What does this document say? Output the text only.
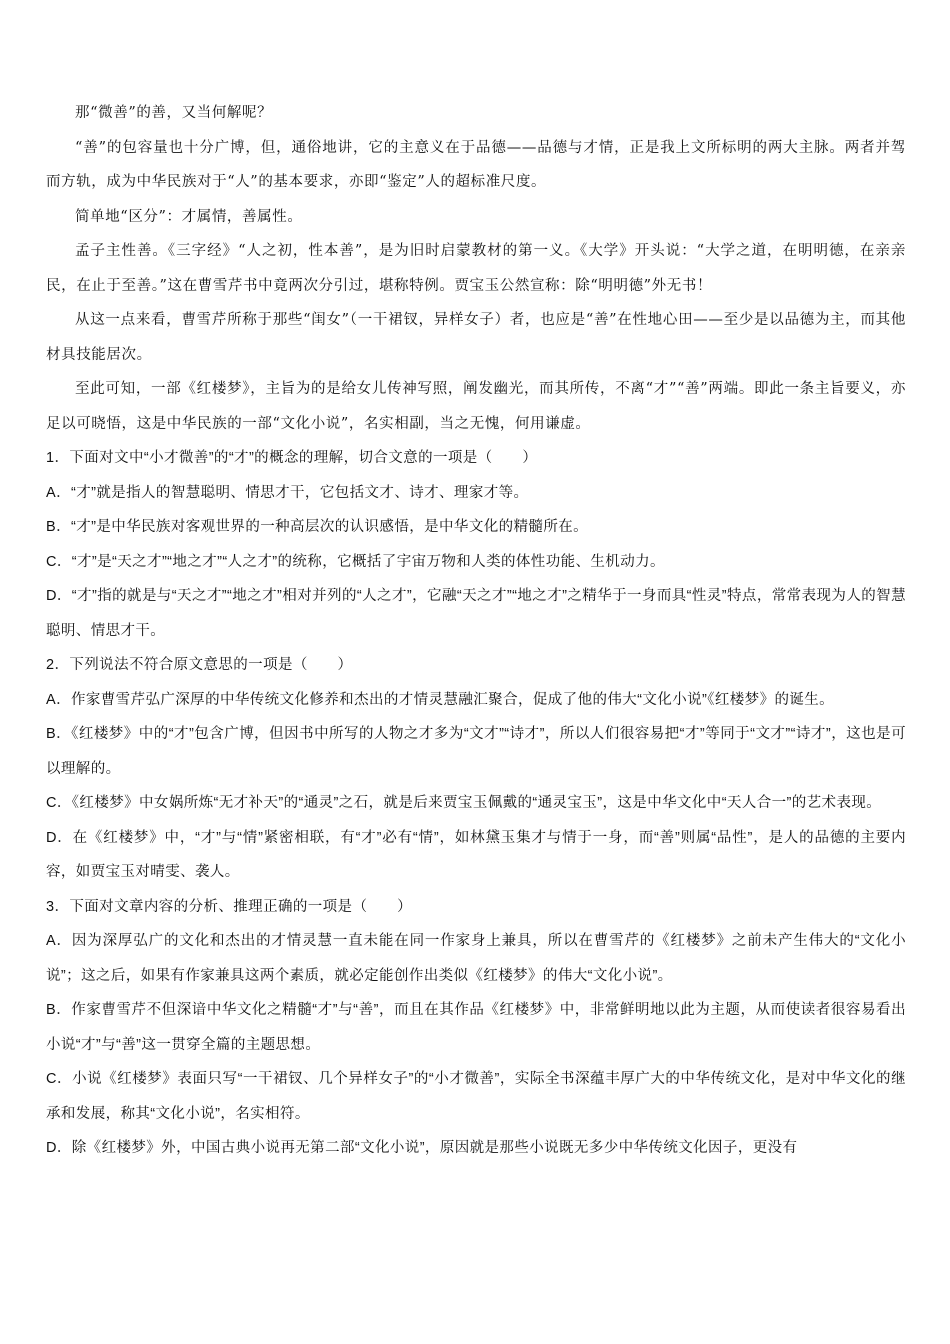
那“微善”的善，又当何解呢？

“善”的包容量也十分广博，但，通俗地讲，它的主意义在于品德——品德与才情，正是我上文所标明的两大主脉。两者并驾而方轨，成为中华民族对于“人”的基本要求，亦即“鉴定”人的超标准尺度。

简单地“区分”：才属情，善属性。

孟子主性善。《三字经》“人之初，性本善”，是为旧时启蒙教材的第一义。《大学》开头说：“大学之道，在明明德，在亲亲民，在止于至善。”这在曹雪芹书中竟两次分引过，堪称特例。贾宝玉公然宣称：除“明明德”外无书！

从这一点来看，曹雪芹所称于那些“闺女”（一干裙钗，异样女子）者，也应是“善”在性地心田——至少是以品德为主，而其他材具技能居次。

至此可知，一部《红楼梦》，主旨为的是给女儿传神写照，阐发幽光，而其所传，不离“才”“善”两端。即此一条主旨要义，亦足以可晓悟，这是中华民族的一部“文化小说”，名实相副，当之无愧，何用谦虚。

1．下面对文中“小才微善”的“才”的概念的理解，切合文意的一项是（　　）

A．“才”就是指人的智慧聪明、情思才干，它包括文才、诗才、理家才等。

B．“才”是中华民族对客观世界的一种高层次的认识感悟，是中华文化的精髓所在。

C．“才”是“天之才”“地之才”“人之才”的统称，它概括了宇宙万物和人类的体性功能、生机动力。

D．“才”指的就是与“天之才”“地之才”相对并列的“人之才”，它融“天之才”“地之才”之精华于一身而具“性灵”特点，常常表现为人的智慧聪明、情思才干。

2．下列说法不符合原文意思的一项是（　　）

A．作家曹雪芹弘广深厚的中华传统文化修养和杰出的才情灵慧融汇聚合，促成了他的伟大“文化小说”《红楼梦》的诞生。

B．《红楼梦》中的“才”包含广博，但因书中所写的人物之才多为“文才”“诗才”，所以人们很容易把“才”等同于“文才”“诗才”，这也是可以理解的。

C．《红楼梦》中女娲所炼“无才补天”的“通灵”之石，就是后来贾宝玉佩戴的“通灵宝玉”，这是中华文化中“天人合一”的艺术表现。

D．在《红楼梦》中，“才”与“情”紧密相联，有“才”必有“情”，如林黛玉集才与情于一身，而“善”则属“品性”，是人的品德的主要内容，如贾宝玉对晴雯、袭人。

3．下面对文章内容的分析、推理正确的一项是（　　）

A．因为深厚弘广的文化和杰出的才情灵慧一直未能在同一作家身上兼具，所以在曹雪芹的《红楼梦》之前未产生伟大的“文化小说”；这之后，如果有作家兼具这两个素质，就必定能创作出类似《红楼梦》的伟大“文化小说”。

B．作家曹雪芹不但深谙中华文化之精髓“才”与“善”，而且在其作品《红楼梦》中，非常鲜明地以此为主题，从而使读者很容易看出小说“才”与“善”这一贯穿全篇的主题思想。

C．小说《红楼梦》表面只写“一干裙钗、几个异样女子”的“小才微善”，实际全书深蕴丰厚广大的中华传统文化，是对中华文化的继承和发展，称其“文化小说”，名实相符。

D．除《红楼梦》外，中国古典小说再无第二部“文化小说”，原因就是那些小说既无多少中华传统文化因子，更没有
